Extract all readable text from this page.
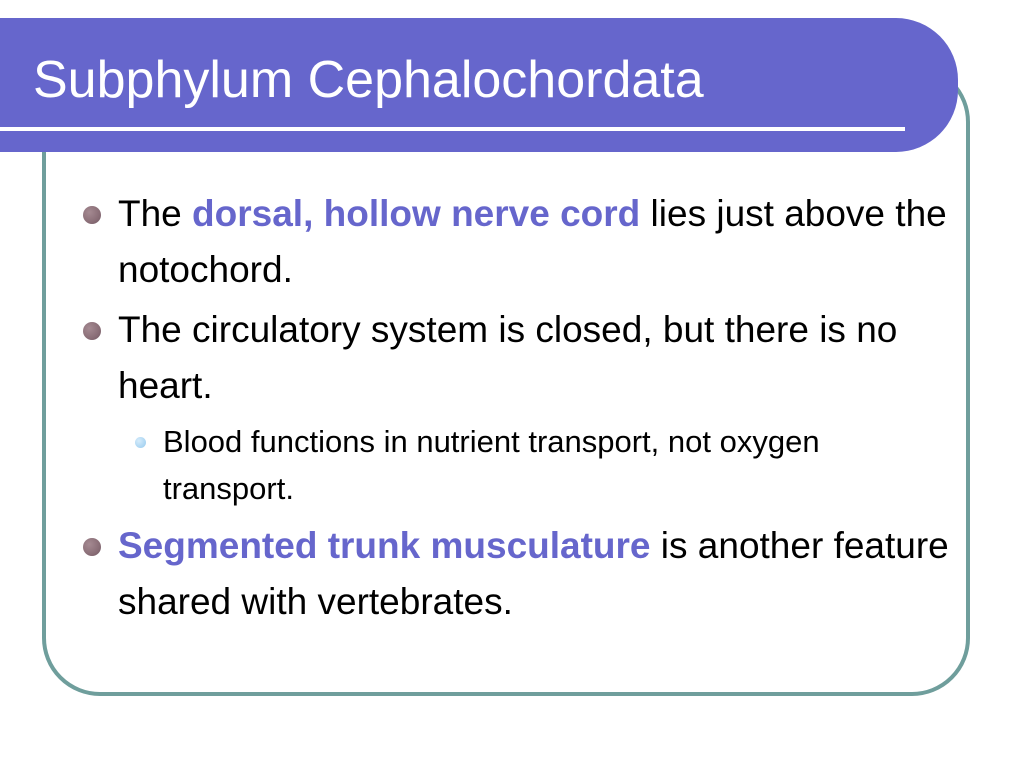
Subphylum Cephalochordata
The dorsal, hollow nerve cord lies just above the notochord.
The circulatory system is closed, but there is no heart.
Blood functions in nutrient transport, not oxygen transport.
Segmented trunk musculature is another feature shared with vertebrates.
